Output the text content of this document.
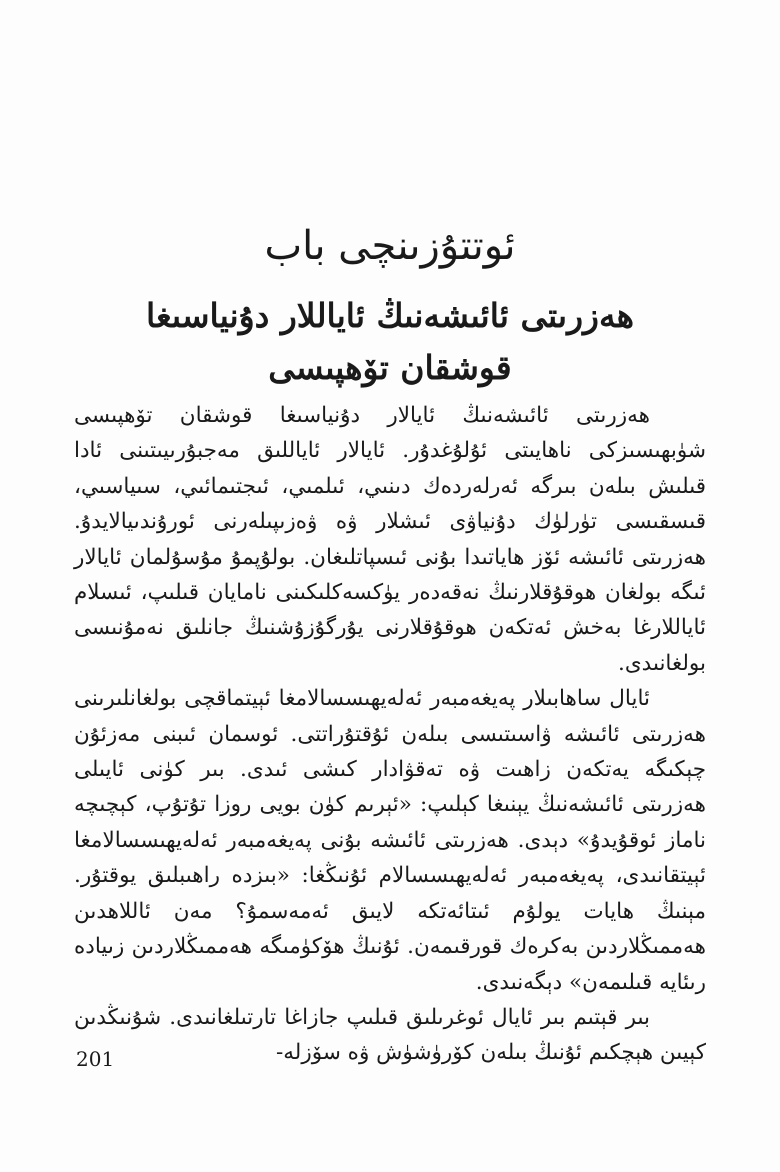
ئوتتۇزىنچى باب
ھەزرىتى ئائىشەنىڭ ئاياللار دۇنياسىغا
قوشقان تۆھپىسى

ھەزرىتى ئائىشەنىڭ ئايالار دۇنياسىغا قوشقان تۆھپىسى شۈبھىسىزكى ناھايىتى ئۇلۇغدۇر. ئايالار ئاياللىق مەجبۇرىيىتىنى ئادا قىلىش بىلەن بىرگە ئەرلەردەك دىنىي، ئىلمىي، ئىجتىمائىي، سىياسىي، قىسقىسى تۈرلۈك دۇنياۋى ئىشلار ۋە ۋەزىپىلەرنى ئورۇندىيالايدۇ. ھەزرىتى ئائىشە ئۆز ھاياتىدا بۇنى ئىسپاتلىغان. بولۇپمۇ مۇسۇلمان ئايالار ئىگە بولغان ھوقۇقلارنىڭ نەقەدەر يۈكسەكلىكىنى نامايان قىلىپ، ئىسلام ئاياللارغا بەخش ئەتكەن ھوقۇقلارنى يۇرگۇزۇشنىڭ جانلىق نەمۇنىسى بولغانىدى.

ئايال ساھابىلار پەيغەمبەر ئەلەيھىسسالامغا ئېيتماقچى بولغانلىرىنى ھەزرىتى ئائىشە ۋاسىتىسى بىلەن ئۇقتۇراتتى. ئوسمان ئىبنى مەزئۇن چېكىگە يەتكەن زاھىت ۋە تەقۋادار كىشى ئىدى. بىر كۈنى ئايىلى ھەزرىتى ئائىشەنىڭ يېنىغا كېلىپ: «ئېرىم كۈن بويى روزا تۇتۇپ، كېچىچە ناماز ئوقۇيدۇ» دېدى. ھەزرىتى ئائىشە بۇنى پەيغەمبەر ئەلەيھىسسالامغا ئېيتقانىدى، پەيغەمبەر ئەلەيھىسسالام ئۇنىڭغا: «بىزدە راھىبلىق يوقتۇر. مېنىڭ ھايات يولۇم ئىتائەتكە لايىق ئەمەسمۇ؟ مەن ئاللاھدىن ھەممىڭلاردىن بەكرەك قورقىمەن. ئۇنىڭ ھۆكۈمىگە ھەممىڭلاردىن زىيادە رىئايە قىلىمەن» دېگەنىدى.

بىر قېتىم بىر ئايال ئوغرىلىق قىلىپ جازاغا تارتىلغانىدى. شۇنىڭدىن كېيىن ھېچكىم ئۇنىڭ بىلەن كۆرۈشۈش ۋە سۆزلە-

201
